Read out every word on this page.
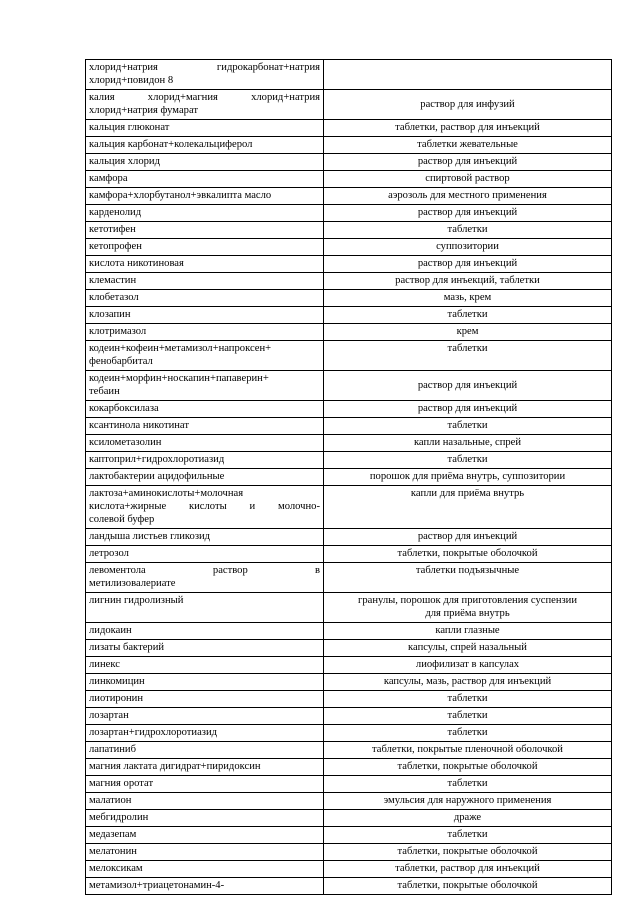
хлорид+натрия гидрокарбонат+натрия
хлорид+повидон 8	

калия хлорид+магния хлорид+натрия
хлорид+натрия фумарат	раствор для инфузий

кальция глюконат	таблетки, раствор для инъекций

кальция карбонат+колекальциферол	таблетки жевательные

кальция хлорид	раствор для инъекций

камфора	спиртовой раствор

камфора+хлорбутанол+эвкалипта масло	аэрозоль для местного применения

карденолид	раствор для инъекций

кетотифен	таблетки

кетопрофен	суппозитории

кислота никотиновая	раствор для инъекций

клемастин	раствор для инъекций, таблетки

клобетазол	мазь, крем

клозапин	таблетки

клотримазол	крем

кодеин+кофеин+метамизол+напроксен+
фенобарбитал	таблетки

кодеин+морфин+носкапин+папаверин+
тебаин	раствор для инъекций

кокарбоксилаза	раствор для инъекций

ксантинола никотинат	таблетки

ксилометазолин	капли назальные, спрей

каптоприл+гидрохлоротиазид	таблетки

лактобактерии ацидофильные	порошок для приёма внутрь, суппозитории

лактоза+аминокислоты+молочная
кислота+жирные кислоты и молочно-
солевой буфер	капли для приёма внутрь

ландыша листьев гликозид	раствор для инъекций

летрозол	таблетки, покрытые оболочкой

левоментола раствор в
метилизовалериате	таблетки подъязычные

лигнин гидролизный	гранулы, порошок для приготовления суспензии
для приёма внутрь

лидокаин	капли глазные

лизаты бактерий	капсулы, спрей назальный

линекс	лиофилизат в капсулах

линкомицин	капсулы, мазь, раствор для инъекций

лиотиронин	таблетки

лозартан	таблетки

лозартан+гидрохлоротиазид	таблетки

лапатиниб	таблетки, покрытые пленочной оболочкой

магния лактата дигидрат+пиридоксин	таблетки, покрытые оболочкой

магния оротат	таблетки

малатион	эмульсия для наружного применения

мебгидролин	драже

медазепам	таблетки

мелатонин	таблетки, покрытые оболочкой

мелоксикам	таблетки, раствор для инъекций

метамизол+триацетонамин-4-	таблетки, покрытые оболочкой
